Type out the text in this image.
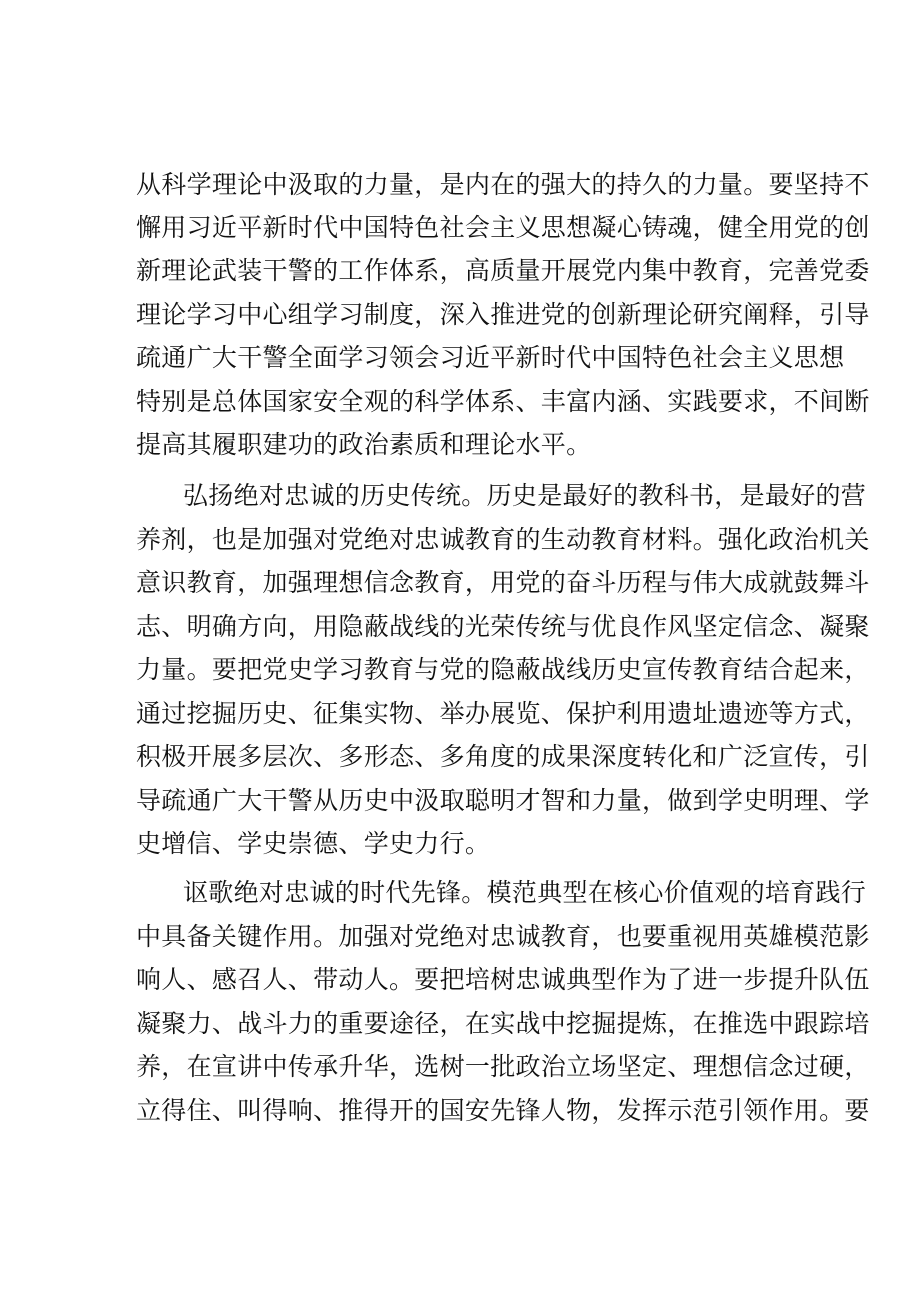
从科学理论中汲取的力量，是内在的强大的持久的力量。要坚持不
懈用习近平新时代中国特色社会主义思想凝心铸魂，健全用党的创
新理论武装干警的工作体系，高质量开展党内集中教育，完善党委
理论学习中心组学习制度，深入推进党的创新理论研究阐释，引导
疏通广大干警全面学习领会习近平新时代中国特色社会主义思想
特别是总体国家安全观的科学体系、丰富内涵、实践要求，不间断
提高其履职建功的政治素质和理论水平。
弘扬绝对忠诚的历史传统。历史是最好的教科书，是最好的营
养剂，也是加强对党绝对忠诚教育的生动教育材料。强化政治机关
意识教育，加强理想信念教育，用党的奋斗历程与伟大成就鼓舞斗
志、明确方向，用隐蔽战线的光荣传统与优良作风坚定信念、凝聚
力量。要把党史学习教育与党的隐蔽战线历史宣传教育结合起来，
通过挖掘历史、征集实物、举办展览、保护利用遗址遗迹等方式，
积极开展多层次、多形态、多角度的成果深度转化和广泛宣传，引
导疏通广大干警从历史中汲取聪明才智和力量，做到学史明理、学
史增信、学史崇德、学史力行。
讴歌绝对忠诚的时代先锋。模范典型在核心价值观的培育践行
中具备关键作用。加强对党绝对忠诚教育，也要重视用英雄模范影
响人、感召人、带动人。要把培树忠诚典型作为了进一步提升队伍
凝聚力、战斗力的重要途径，在实战中挖掘提炼，在推选中跟踪培
养，在宣讲中传承升华，选树一批政治立场坚定、理想信念过硬，
立得住、叫得响、推得开的国安先锋人物，发挥示范引领作用。要
